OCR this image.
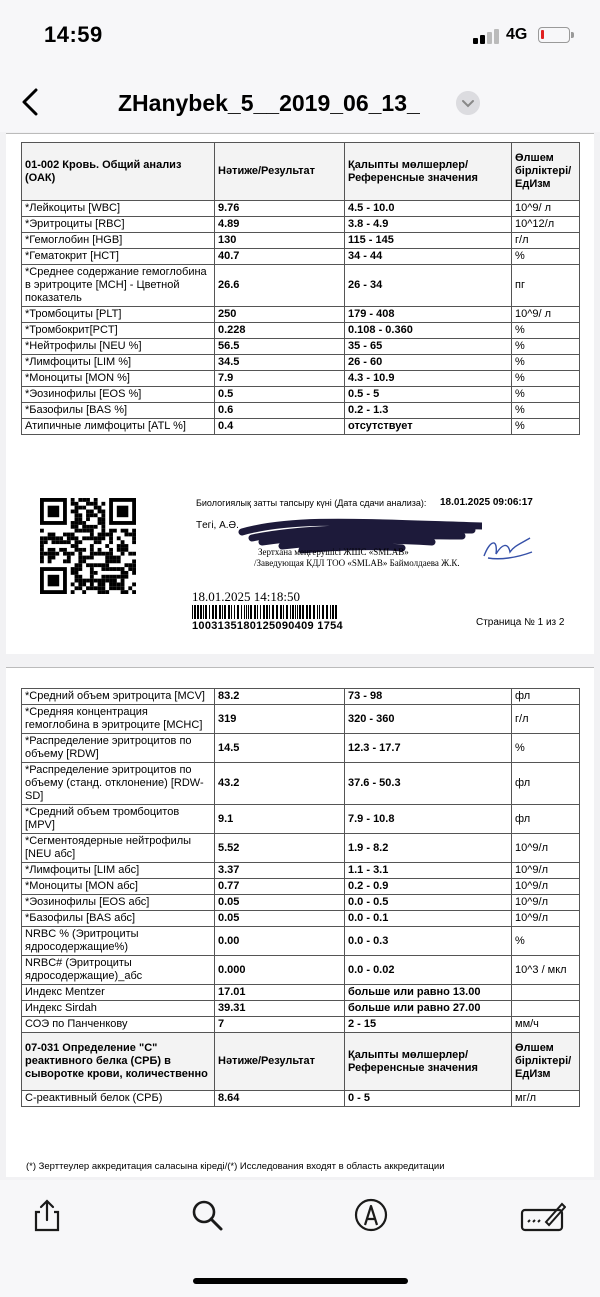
14:59	4G
ZHanybek_5__2019_06_13_
01-002 Кровь. Общий анализ (ОАК)	Нәтиже/Результат	Қалыпты мөлшерлер/Референсные значения	Өлшем бірліктері/ ЕдИзм
*Лейкоциты [WBC]	9.76	4.5 - 10.0	10^9/ л
*Эритроциты [RBC]	4.89	3.8 - 4.9	10^12/л
*Гемоглобин [HGB]	130	115 - 145	г/л
*Гематокрит [HCT]	40.7	34 - 44	%
*Среднее содержание гемоглобина в эритроците [MCH] - Цветной показатель	26.6	26 - 34	пг
*Тромбоциты [PLT]	250	179 - 408	10^9/ л
*Тромбокрит[PCT]	0.228	0.108 - 0.360	%
*Нейтрофилы [NEU %]	56.5	35 - 65	%
*Лимфоциты [LIM %]	34.5	26 - 60	%
*Моноциты [MON %]	7.9	4.3 - 10.9	%
*Эозинофилы [EOS %]	0.5	0.5 - 5	%
*Базофилы [BAS %]	0.6	0.2 - 1.3	%
Атипичные лимфоциты [ATL %]	0.4	отсутствует	%
Биологиялық затты тапсыру күні (Дата сдачи анализа): 18.01.2025 09:06:17
Tегі, А.Ә.
Зертхана меңгерушісі ЖШС «SMLAB»
/Заведующая КДЛ ТОО «SMLAB» Баймолдаева Ж.К.
18.01.2025 14:18:50
1003135180125090409 1754	Страница № 1 из 2
*Средний объем эритроцита [MCV]	83.2	73 - 98	фл
*Средняя концентрация гемоглобина в эритроците [MCHC]	319	320 - 360	г/л
*Распределение эритроцитов по объему [RDW]	14.5	12.3 - 17.7	%
*Распределение эритроцитов по объему (станд. отклонение) [RDW-SD]	43.2	37.6 - 50.3	фл
*Средний объем тромбоцитов [MPV]	9.1	7.9 - 10.8	фл
*Сегментоядерные нейтрофилы [NEU абс]	5.52	1.9 - 8.2	10^9/л
*Лимфоциты [LIM абс]	3.37	1.1 - 3.1	10^9/л
*Моноциты [MON абс]	0.77	0.2 - 0.9	10^9/л
*Эозинофилы [EOS абс]	0.05	0.0 - 0.5	10^9/л
*Базофилы [BAS абс]	0.05	0.0 - 0.1	10^9/л
NRBC % (Эритроциты ядросодержащие%)	0.00	0.0 - 0.3	%
NRBC# (Эритроциты ядросодержащие)_абс	0.000	0.0 - 0.02	10^3 / мкл
Индекс Mentzer	17.01	больше или равно 13.00	
Индекс Sirdah	39.31	больше или равно 27.00	
СОЭ по Панченкову	7	2 - 15	мм/ч
07-031 Определение "С" реактивного белка (СРБ) в сыворотке крови, количественно	Нәтиже/Результат	Қалыпты мөлшерлер/Референсные значения	Өлшем бірліктері/ ЕдИзм
С-реактивный белок (СРБ)	8.64	0 - 5	мг/л
(*) Зерттеулер аккредитация саласына кіреді/(*) Исследования входят в область аккредитации
